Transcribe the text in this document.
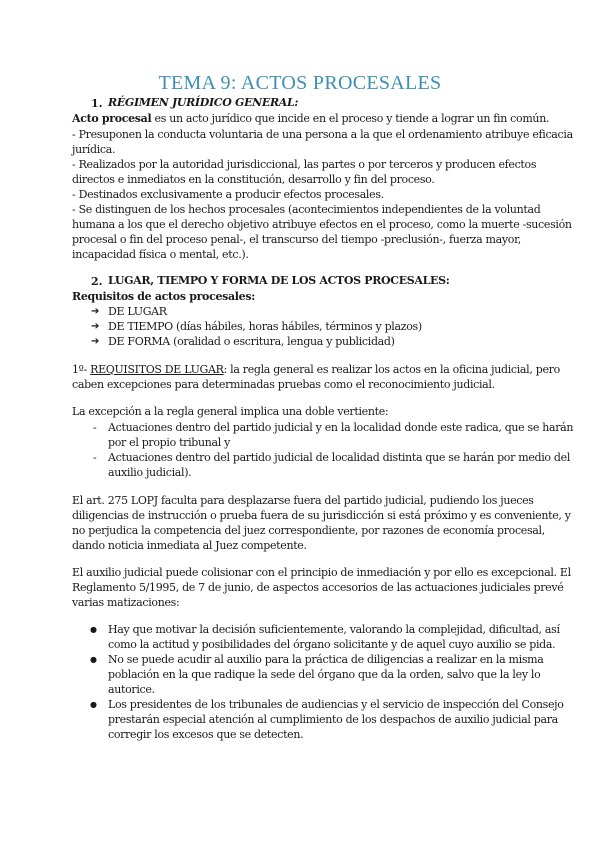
TEMA 9: ACTOS PROCESALES
1. RÉGIMEN JURÍDICO GENERAL:
Acto procesal es un acto jurídico que incide en el proceso y tiende a lograr un fin común.
- Presuponen la conducta voluntaria de una persona a la que el ordenamiento atribuye eficacia
jurídica.
- Realizados por la autoridad jurisdiccional, las partes o por terceros y producen efectos
directos e inmediatos en la constitución, desarrollo y fin del proceso.
- Destinados exclusivamente a producir efectos procesales.
- Se distinguen de los hechos procesales (acontecimientos independientes de la voluntad
humana a los que el derecho objetivo atribuye efectos en el proceso, como la muerte -sucesión
procesal o fin del proceso penal-, el transcurso del tiempo -preclusión-, fuerza mayor,
incapacidad física o mental, etc.).
2. LUGAR, TIEMPO Y FORMA DE LOS ACTOS PROCESALES:
Requisitos de actos procesales:
➔ DE LUGAR
➔ DE TIEMPO (días hábiles, horas hábiles, términos y plazos)
➔ DE FORMA (oralidad o escritura, lengua y publicidad)
1º- REQUISITOS DE LUGAR: la regla general es realizar los actos en la oficina judicial, pero
caben excepciones para determinadas pruebas como el reconocimiento judicial.
La excepción a la regla general implica una doble vertiente:
- Actuaciones dentro del partido judicial y en la localidad donde este radica, que se harán
por el propio tribunal y
- Actuaciones dentro del partido judicial de localidad distinta que se harán por medio del
auxilio judicial).
El art. 275 LOPJ faculta para desplazarse fuera del partido judicial, pudiendo los jueces
diligencias de instrucción o prueba fuera de su jurisdicción si está próximo y es conveniente, y
no perjudica la competencia del juez correspondiente, por razones de economía procesal,
dando noticia inmediata al Juez competente.
El auxilio judicial puede colisionar con el principio de inmediación y por ello es excepcional. El
Reglamento 5/1995, de 7 de junio, de aspectos accesorios de las actuaciones judiciales prevé
varias matizaciones:
● Hay que motivar la decisión suficientemente, valorando la complejidad, dificultad, así
como la actitud y posibilidades del órgano solicitante y de aquel cuyo auxilio se pida.
● No se puede acudir al auxilio para la práctica de diligencias a realizar en la misma
población en la que radique la sede del órgano que da la orden, salvo que la ley lo
autorice.
● Los presidentes de los tribunales de audiencias y el servicio de inspección del Consejo
prestarán especial atención al cumplimiento de los despachos de auxilio judicial para
corregir los excesos que se detecten.
